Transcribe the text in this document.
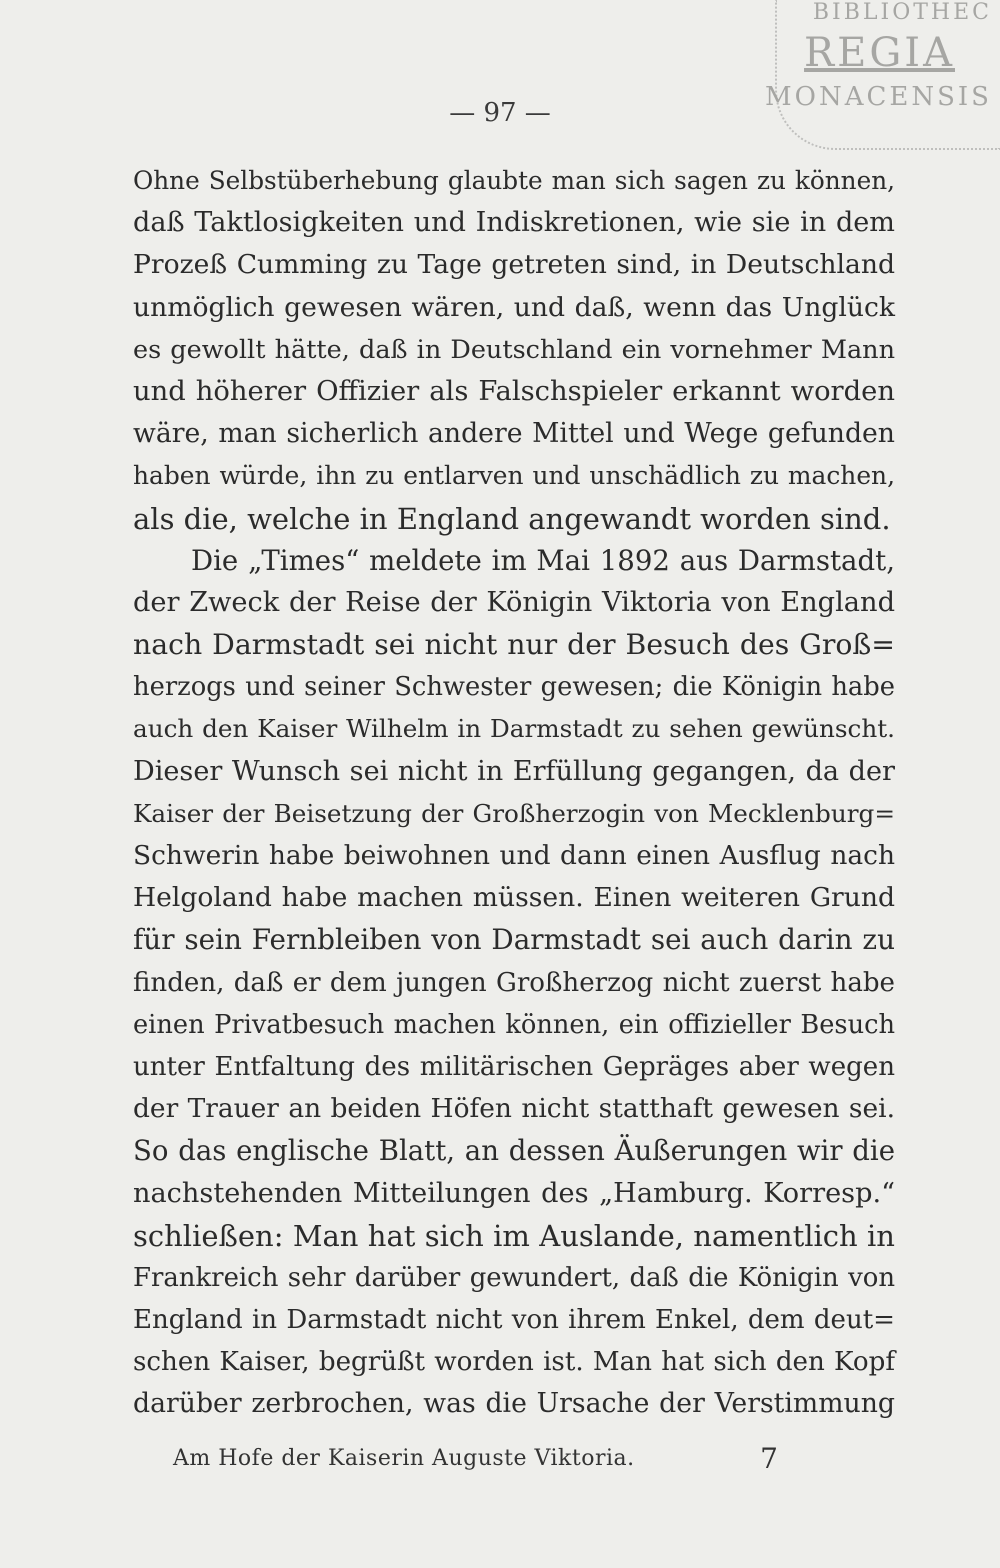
BIBLIOTHEC
REGIA
MONACENSIS
— 97 —
Ohne Selbstüberhebung glaubte man sich sagen zu können,
daß Taktlosigkeiten und Indiskretionen, wie sie in dem
Prozeß Cumming zu Tage getreten sind, in Deutschland
unmöglich gewesen wären, und daß, wenn das Unglück
es gewollt hätte, daß in Deutschland ein vornehmer Mann
und höherer Offizier als Falschspieler erkannt worden
wäre, man sicherlich andere Mittel und Wege gefunden
haben würde, ihn zu entlarven und unschädlich zu machen,
als die, welche in England angewandt worden sind.
Die „Times“ meldete im Mai 1892 aus Darmstadt,
der Zweck der Reise der Königin Viktoria von England
nach Darmstadt sei nicht nur der Besuch des Groß=
herzogs und seiner Schwester gewesen; die Königin habe
auch den Kaiser Wilhelm in Darmstadt zu sehen gewünscht.
Dieser Wunsch sei nicht in Erfüllung gegangen, da der
Kaiser der Beisetzung der Großherzogin von Mecklenburg=
Schwerin habe beiwohnen und dann einen Ausflug nach
Helgoland habe machen müssen. Einen weiteren Grund
für sein Fernbleiben von Darmstadt sei auch darin zu
finden, daß er dem jungen Großherzog nicht zuerst habe
einen Privatbesuch machen können, ein offizieller Besuch
unter Entfaltung des militärischen Gepräges aber wegen
der Trauer an beiden Höfen nicht statthaft gewesen sei.
So das englische Blatt, an dessen Äußerungen wir die
nachstehenden Mitteilungen des „Hamburg. Korresp.“
schließen: Man hat sich im Auslande, namentlich in
Frankreich sehr darüber gewundert, daß die Königin von
England in Darmstadt nicht von ihrem Enkel, dem deut=
schen Kaiser, begrüßt worden ist. Man hat sich den Kopf
darüber zerbrochen, was die Ursache der Verstimmung
Am Hofe der Kaiserin Auguste Viktoria.	7
